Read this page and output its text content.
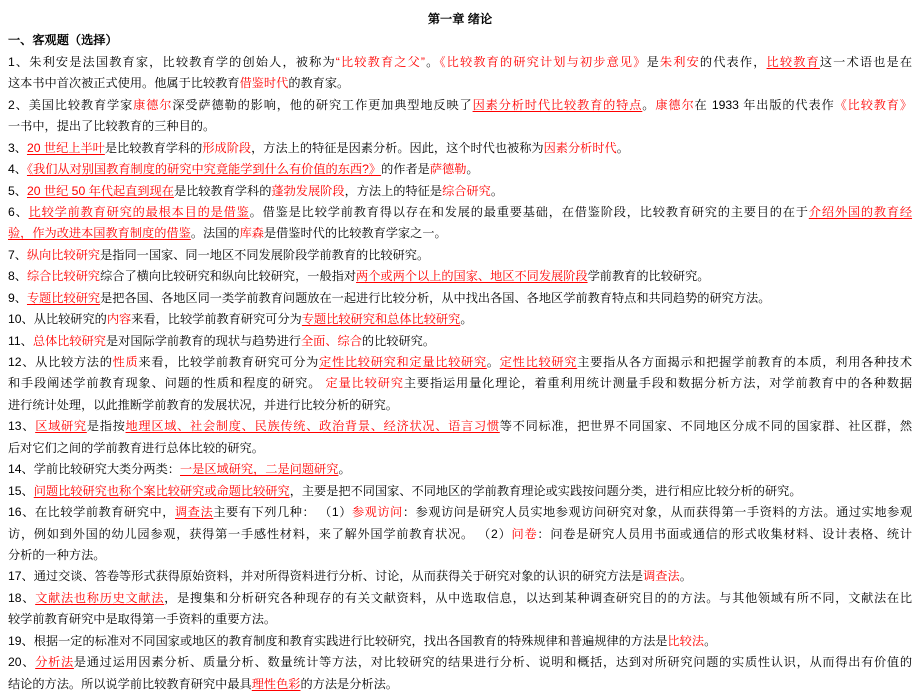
第一章 绪论
一、客观题（选择）
1、朱利安是法国教育家，比较教育学的创始人，被称为“比较教育之父”。《比较教育的研究计划与初步意见》是朱利安的代表作，比较教育这一术语也是在
这本书中首次被正式使用。他属于比较教育借鉴时代的教育家。
2、美国比较教育学家康德尔深受萨德勒的影响，他的研究工作更加典型地反映了因素分析时代比较教育的特点。康德尔在 1933 年出版的代表作《比较教育》
一书中，提出了比较教育的三种目的。
3、20 世纪上半叶是比较教育学科的形成阶段，方法上的特征是因素分析。因此，这个时代也被称为因素分析时代。
4、《我们从对别国教育制度的研究中究竟能学到什么有价值的东西?》的作者是萨德勒。
5、20 世纪 50 年代起直到现在是比较教育学科的蓬勃发展阶段，方法上的特征是综合研究。
6、比较学前教育研究的最根本目的是借鉴。借鉴是比较学前教育得以存在和发展的最重要基础，在借鉴阶段，比较教育研究的主要目的在于介绍外国的教育经
验，作为改进本国教育制度的借鉴。法国的库森是借鉴时代的比较教育学家之一。
7、纵向比较研究是指同一国家、同一地区不同发展阶段学前教育的比较研究。
8、综合比较研究综合了横向比较研究和纵向比较研究，一般指对两个或两个以上的国家、地区不同发展阶段学前教育的比较研究。
9、专题比较研究是把各国、各地区同一类学前教育问题放在一起进行比较分析，从中找出各国、各地区学前教育特点和共同趋势的研究方法。
10、从比较研究的内容来看，比较学前教育研究可分为专题比较研究和总体比较研究。
11、总体比较研究是对国际学前教育的现状与趋势进行全面、综合的比较研究。
12、从比较方法的性质来看，比较学前教育研究可分为定性比较研究和定量比较研究。定性比较研究主要指从各方面揭示和把握学前教育的本质，利用各种技术
和手段阐述学前教育现象、问题的性质和程度的研究。 定量比较研究主要指运用量化理论，着重利用统计测量手段和数据分析方法，对学前教育中的各种数据
进行统计处理，以此推断学前教育的发展状况，并进行比较分析的研究。
13、区域研究是指按地理区域、社会制度、民族传统、政治背景、经济状况、语言习惯等不同标准，把世界不同国家、不同地区分成不同的国家群、社区群，然
后对它们之间的学前教育进行总体比较的研究。
14、学前比较研究大类分两类：一是区域研究，二是问题研究。
15、问题比较研究也称个案比较研究或命题比较研究，主要是把不同国家、不同地区的学前教育理论或实践按问题分类，进行相应比较分析的研究。
16、在比较学前教育研究中，调查法主要有下列几种： （1）参观访问：参观访问是研究人员实地参观访问研究对象，从而获得第一手资料的方法。通过实地参观
访，例如到外国的幼儿园参观，获得第一手感性材料，来了解外国学前教育状况。 （2）问卷：问卷是研究人员用书面或通信的形式收集材料、设计表格、统计
分析的一种方法。
17、通过交谈、答卷等形式获得原始资料，并对所得资料进行分析、讨论，从而获得关于研究对象的认识的研究方法是调查法。
18、文献法也称历史文献法，是搜集和分析研究各种现存的有关文献资料，从中选取信息，以达到某种调查研究目的的方法。与其他领域有所不同，文献法在比
较学前教育研究中是取得第一手资料的重要方法。
19、根据一定的标准对不同国家或地区的教育制度和教育实践进行比较研究，找出各国教育的特殊规律和普遍规律的方法是比较法。
20、分析法是通过运用因素分析、质量分析、数量统计等方法，对比较研究的结果进行分析、说明和概括，达到对所研究问题的实质性认识，从而得出有价值的
结论的方法。所以说学前比较教育研究中最具理性色彩的方法是分析法。
